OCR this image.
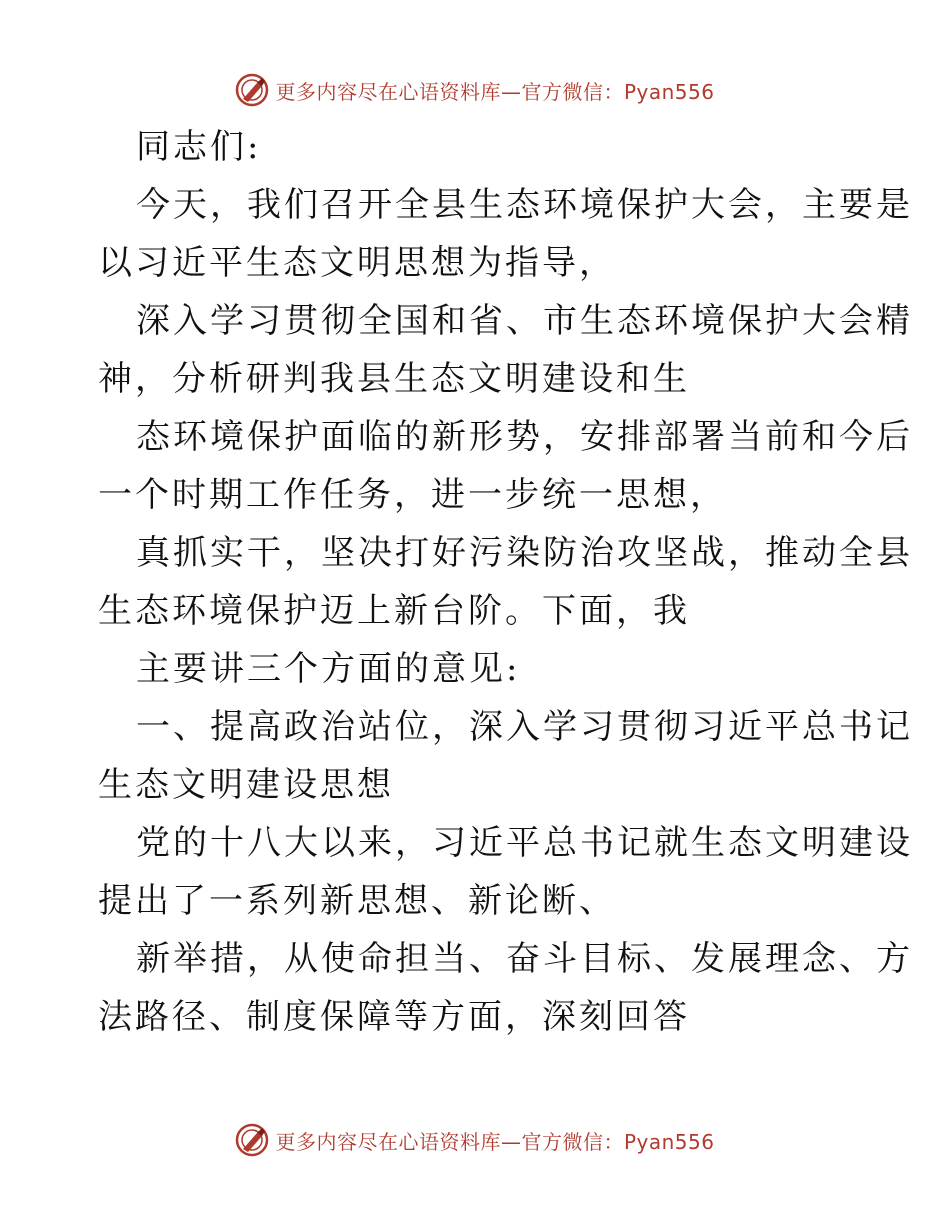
更多内容尽在心语资料库—官方微信：Pyan556

同志们:

今天，我们召开全县生态环境保护大会，主要是

以习近平生态文明思想为指导，

深入学习贯彻全国和省、市生态环境保护大会精

神，分析研判我县生态文明建设和生

态环境保护面临的新形势，安排部署当前和今后

一个时期工作任务，进一步统一思想，

真抓实干，坚决打好污染防治攻坚战，推动全县

生态环境保护迈上新台阶。下面，我

主要讲三个方面的意见:

一、提高政治站位，深入学习贯彻习近平总书记

生态文明建设思想

党的十八大以来，习近平总书记就生态文明建设

提出了一系列新思想、新论断、

新举措，从使命担当、奋斗目标、发展理念、方

法路径、制度保障等方面，深刻回答

更多内容尽在心语资料库—官方微信：Pyan556
